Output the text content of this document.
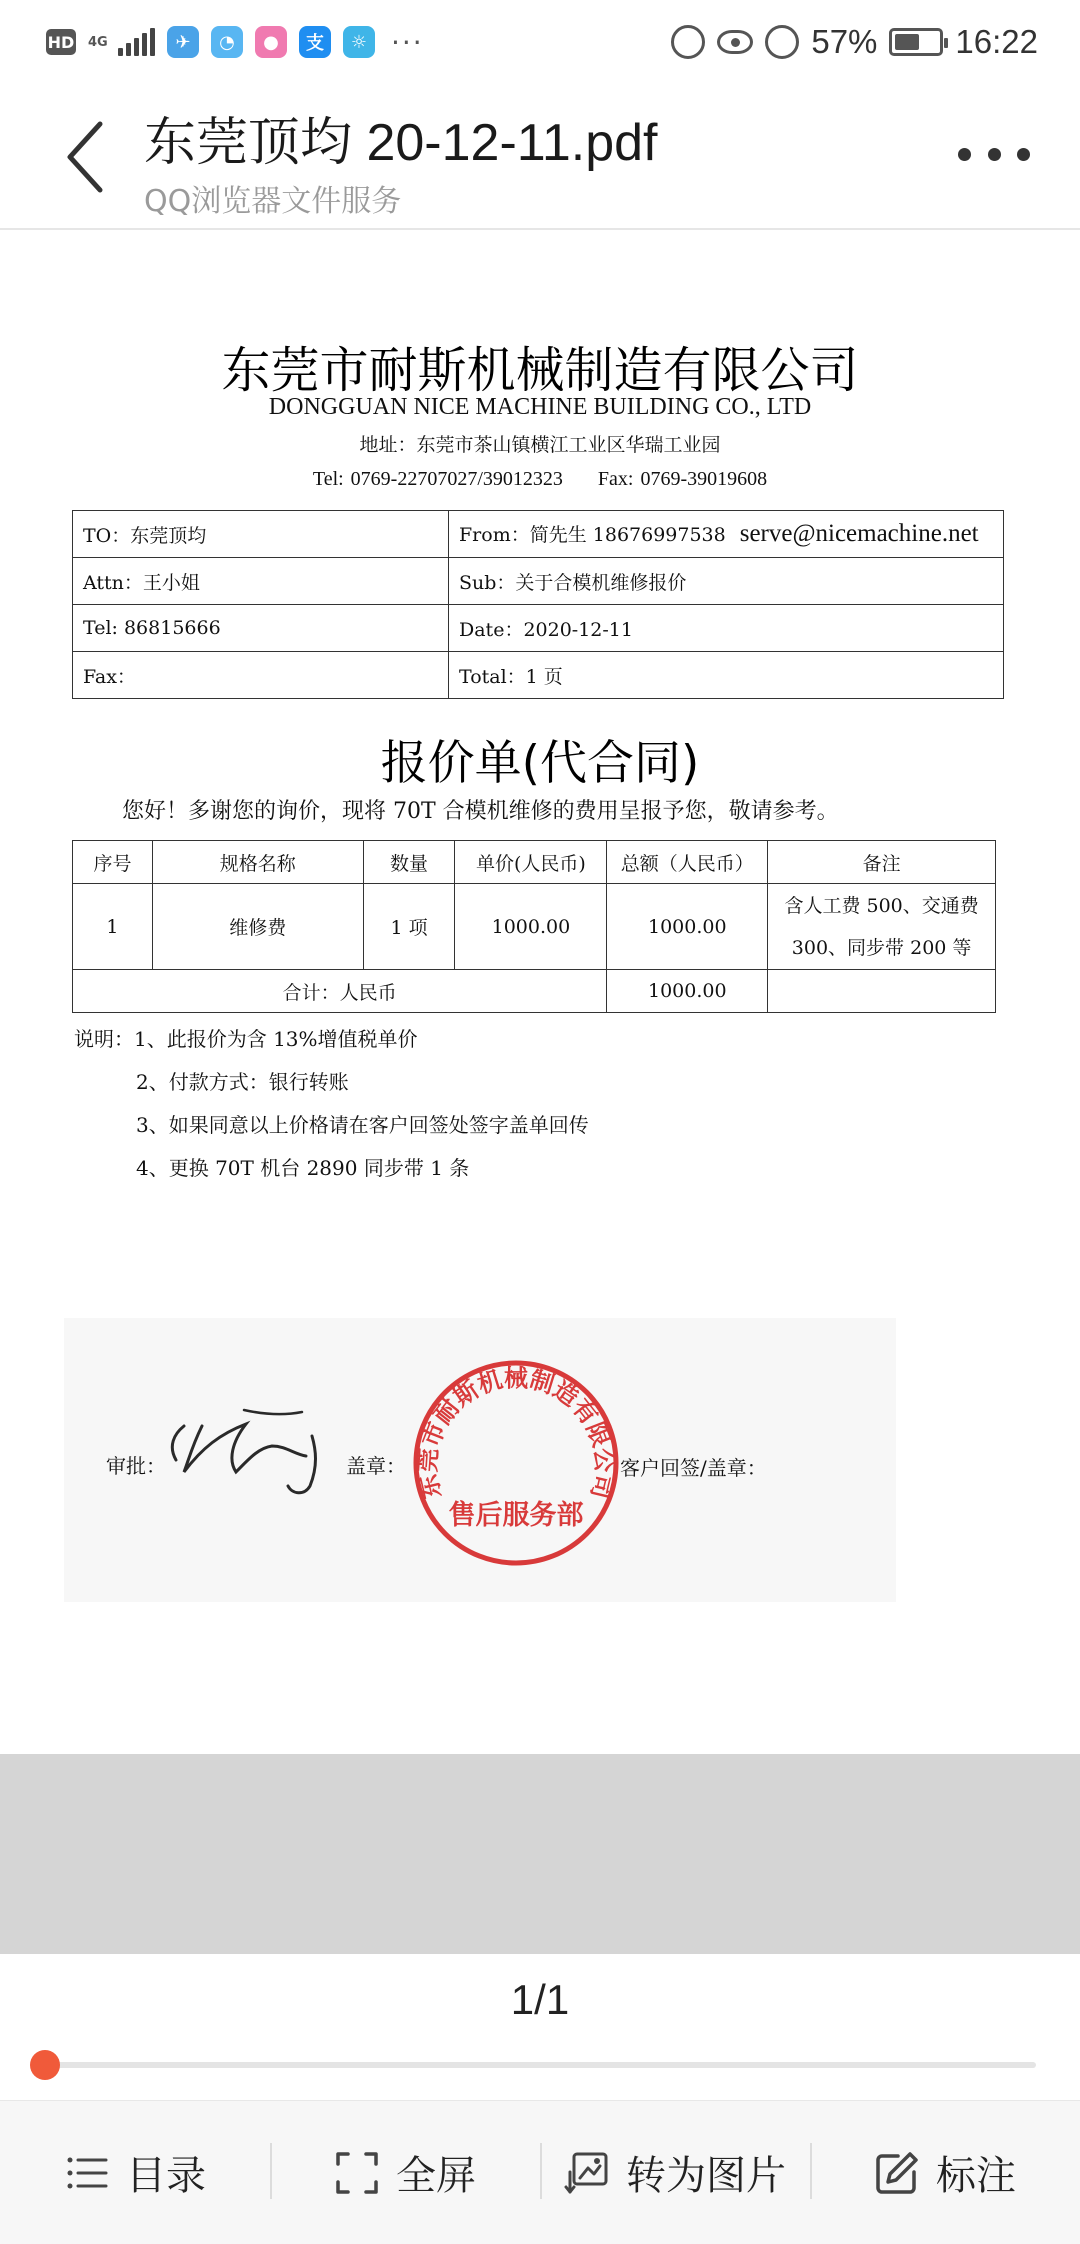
HD 4G	✈	◔	●	支	☼ ···	57% 16:22
东莞顶均 20-12-11.pdf
QQ浏览器文件服务
东莞市耐斯机械制造有限公司
DONGGUAN NICE MACHINE BUILDING CO., LTD
地址：东莞市茶山镇横江工业区华瑞工业园
Tel: 0769-22707027/39012323 Fax: 0769-39019608
TO：东莞顶均	From：简先生 18676997538 serve@nicemachine.net
Attn：王小姐	Sub：关于合模机维修报价
Tel: 86815666	Date：2020-12-11
Fax：	Total：1 页
报价单(代合同)
您好！多谢您的询价，现将 70T 合模机维修的费用呈报予您，敬请参考。
序号	规格名称	数量	单价(人民币)	总额（人民币）	备注
1	维修费	1 项	1000.00	1000.00	含人工费 500、交通费
300、同步带 200 等

合计：人民币				1000.00	
说明：1、此报价为含 13%增值税单价
2、付款方式：银行转账
3、如果同意以上价格请在客户回签处签字盖单回传
4、更换 70T 机台 2890 同步带 1 条
审批：	盖章：
东莞市耐斯机械制造有限公司
售后服务部
客户回签/盖章：
1/1
目录	全屏	转为图片	标注
